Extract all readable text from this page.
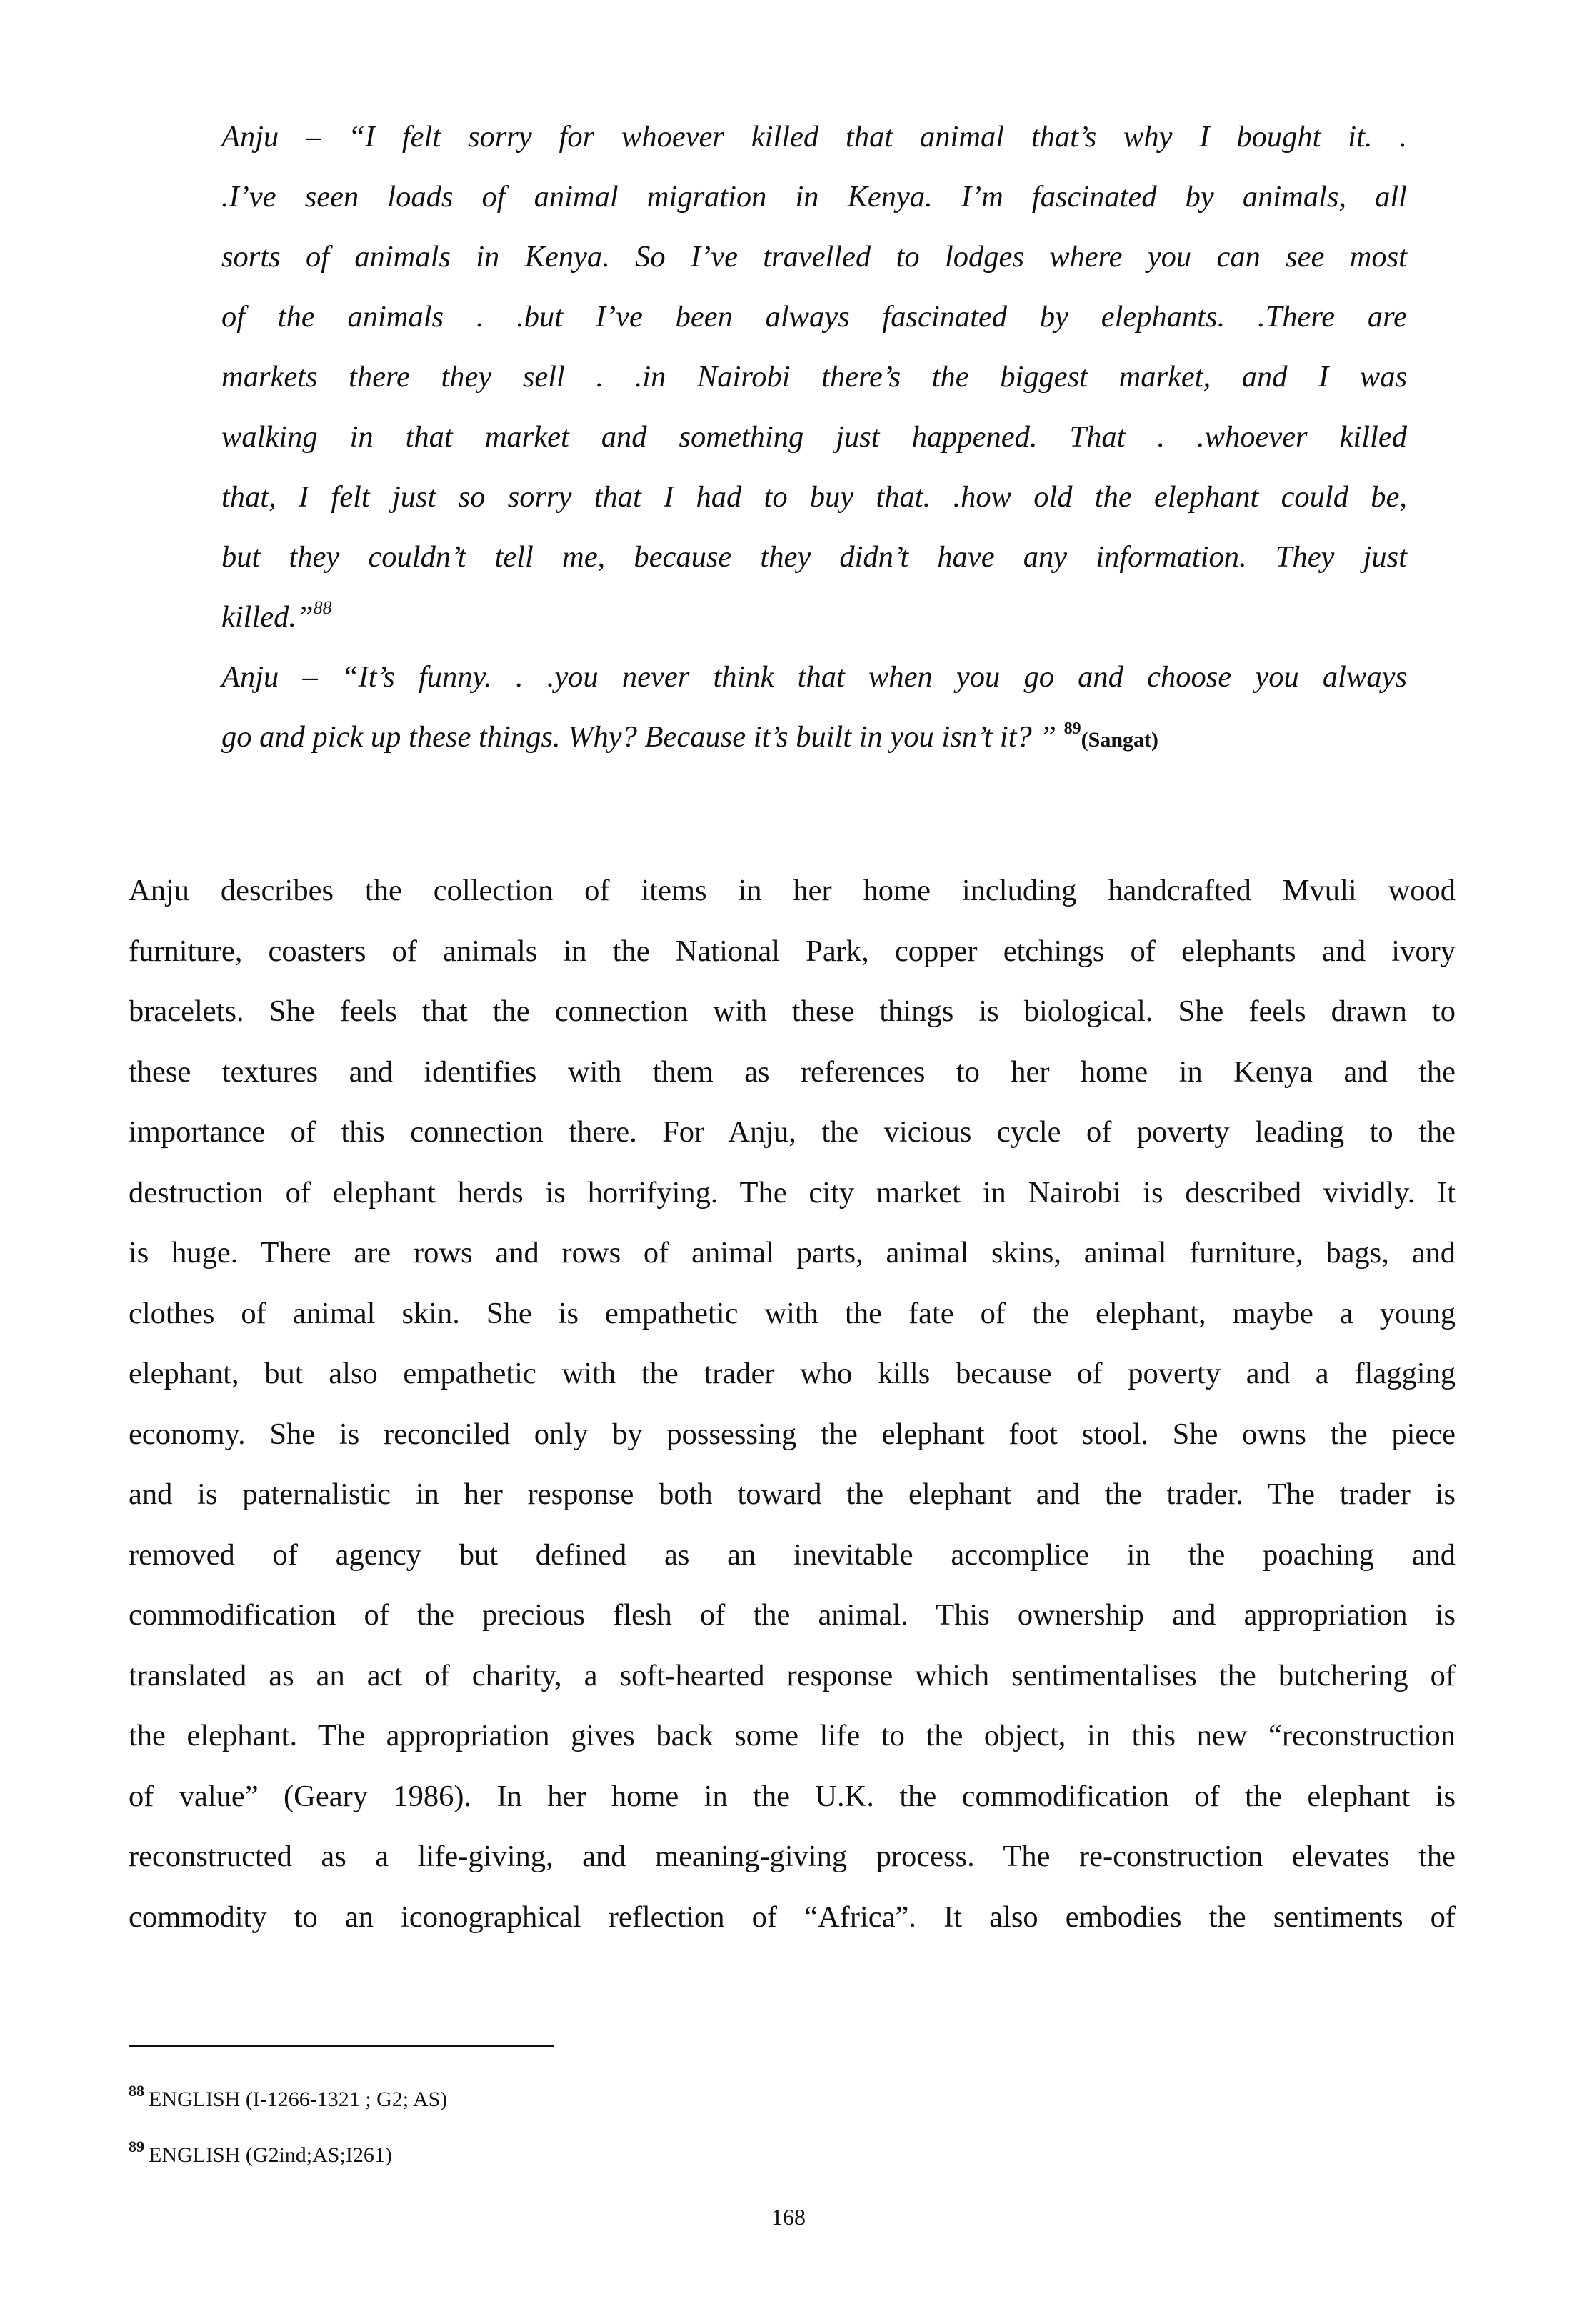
Anju – “I felt sorry for whoever killed that animal that’s why I bought it. .
.I’ve seen loads of animal migration in Kenya. I’m fascinated by animals, all
sorts of animals in Kenya. So I’ve travelled to lodges where you can see most
of the animals . .but I’ve been always fascinated by elephants. .There are
markets there they sell . .in Nairobi there’s the biggest market, and I was
walking in that market and something just happened. That . .whoever killed
that, I felt just so sorry that I had to buy that. .how old the elephant could be,
but they couldn’t tell me, because they didn’t have any information. They just
killed.”$^{88}$
Anju – “It’s funny. . .you never think that when you go and choose you always
go and pick up these things. Why? Because it’s built in you isn’t it? ” $^{89}$(Sangat)
Anju describes the collection of items in her home including handcrafted Mvuli wood
furniture, coasters of animals in the National Park, copper etchings of elephants and ivory
bracelets. She feels that the connection with these things is biological. She feels drawn to
these textures and identifies with them as references to her home in Kenya and the
importance of this connection there. For Anju, the vicious cycle of poverty leading to the
destruction of elephant herds is horrifying. The city market in Nairobi is described vividly. It
is huge. There are rows and rows of animal parts, animal skins, animal furniture, bags, and
clothes of animal skin. She is empathetic with the fate of the elephant, maybe a young
elephant, but also empathetic with the trader who kills because of poverty and a flagging
economy. She is reconciled only by possessing the elephant foot stool. She owns the piece
and is paternalistic in her response both toward the elephant and the trader. The trader is
removed of agency but defined as an inevitable accomplice in the poaching and
commodification of the precious flesh of the animal. This ownership and appropriation is
translated as an act of charity, a soft-hearted response which sentimentalises the butchering of
the elephant. The appropriation gives back some life to the object, in this new “reconstruction
of value” (Geary 1986). In her home in the U.K. the commodification of the elephant is
reconstructed as a life-giving, and meaning-giving process. The re-construction elevates the
commodity to an iconographical reflection of “Africa”. It also embodies the sentiments of
$^{88}$ ENGLISH (I-1266-1321 ; G2; AS)
$^{89}$ ENGLISH (G2ind;AS;I261)
168
